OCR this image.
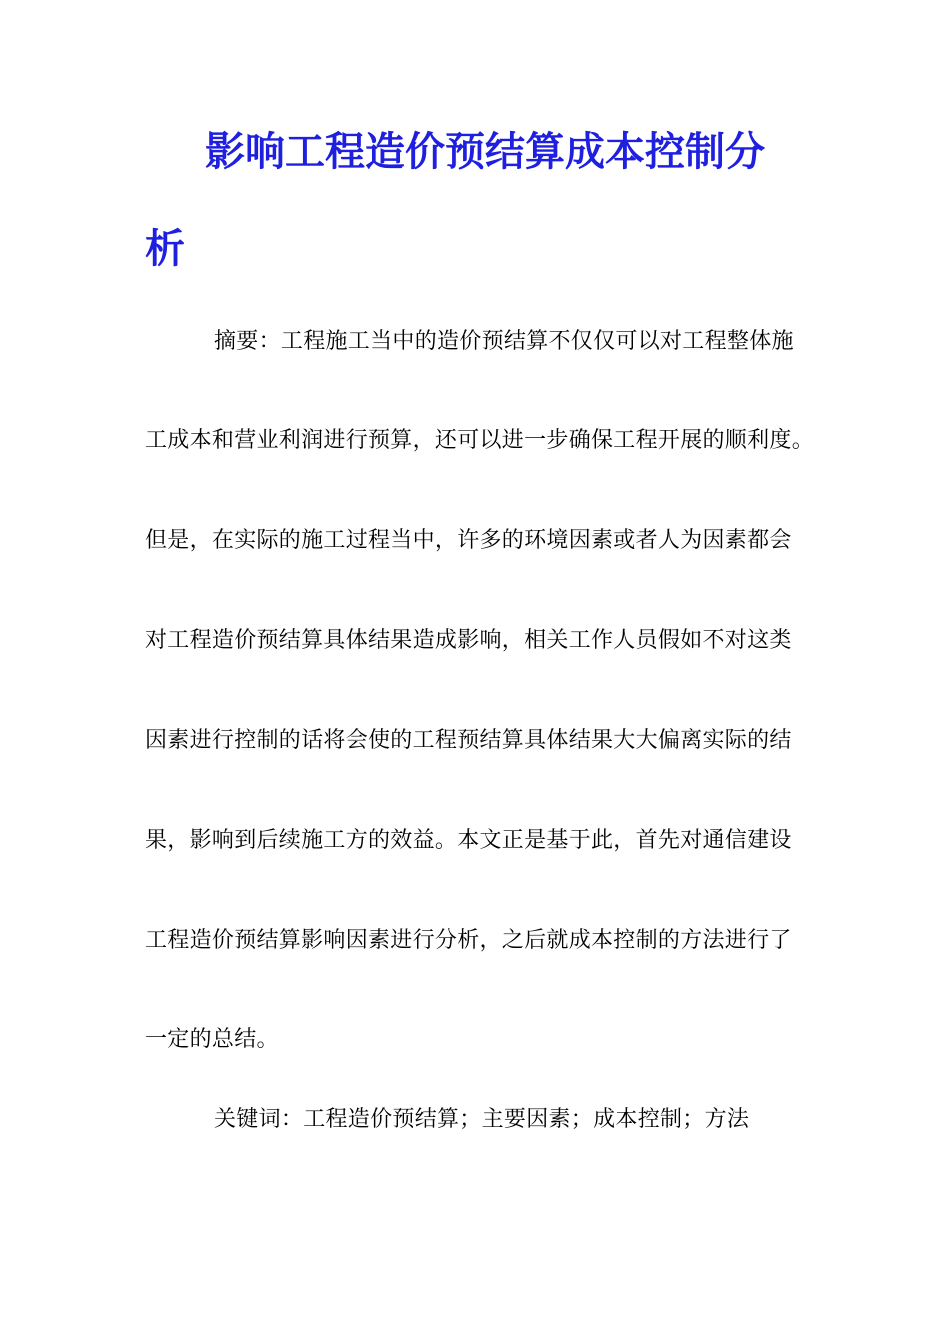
影响工程造价预结算成本控制分
析
摘要：工程施工当中的造价预结算不仅仅可以对工程整体施
工成本和营业利润进行预算，还可以进一步确保工程开展的顺利度。
但是，在实际的施工过程当中，许多的环境因素或者人为因素都会
对工程造价预结算具体结果造成影响，相关工作人员假如不对这类
因素进行控制的话将会使的工程预结算具体结果大大偏离实际的结
果，影响到后续施工方的效益。本文正是基于此，首先对通信建设
工程造价预结算影响因素进行分析，之后就成本控制的方法进行了
一定的总结。
关键词：工程造价预结算；主要因素；成本控制；方法
